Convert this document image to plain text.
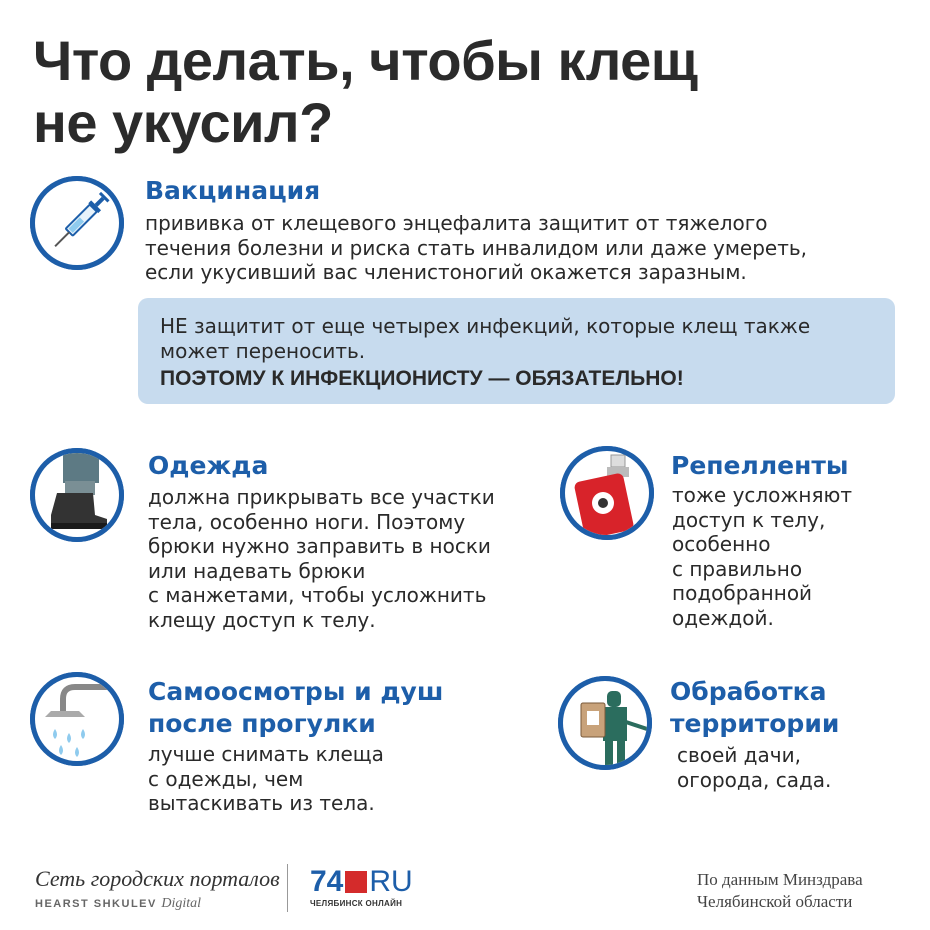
Что делать, чтобы клещ
не укусил?
Вакцинация
прививка от клещевого энцефалита защитит от тяжелого
течения болезни и риска стать инвалидом или даже умереть,
если укусивший вас членистоногий окажется заразным.
НЕ защитит от еще четырех инфекций, которые клещ также
может переносить.
ПОЭТОМУ К ИНФЕКЦИОНИСТУ — ОБЯЗАТЕЛЬНО!
Одежда
должна прикрывать все участки
тела, особенно ноги. Поэтому
брюки нужно заправить в носки
или надевать брюки
с манжетами, чтобы усложнить
клещу доступ к телу.
Репелленты
тоже усложняют
доступ к телу,
особенно
с правильно
подобранной
одеждой.
Самоосмотры и душ
после прогулки
лучше снимать клеща
с одежды, чем
вытаскивать из тела.
Обработка
территории
своей дачи,
огорода, сада.
Сеть городских порталов
HEARST SHKULEV Digital
74 RU
ЧЕЛЯБИНСК ОНЛАЙН
По данным Минздрава
Челябинской области
